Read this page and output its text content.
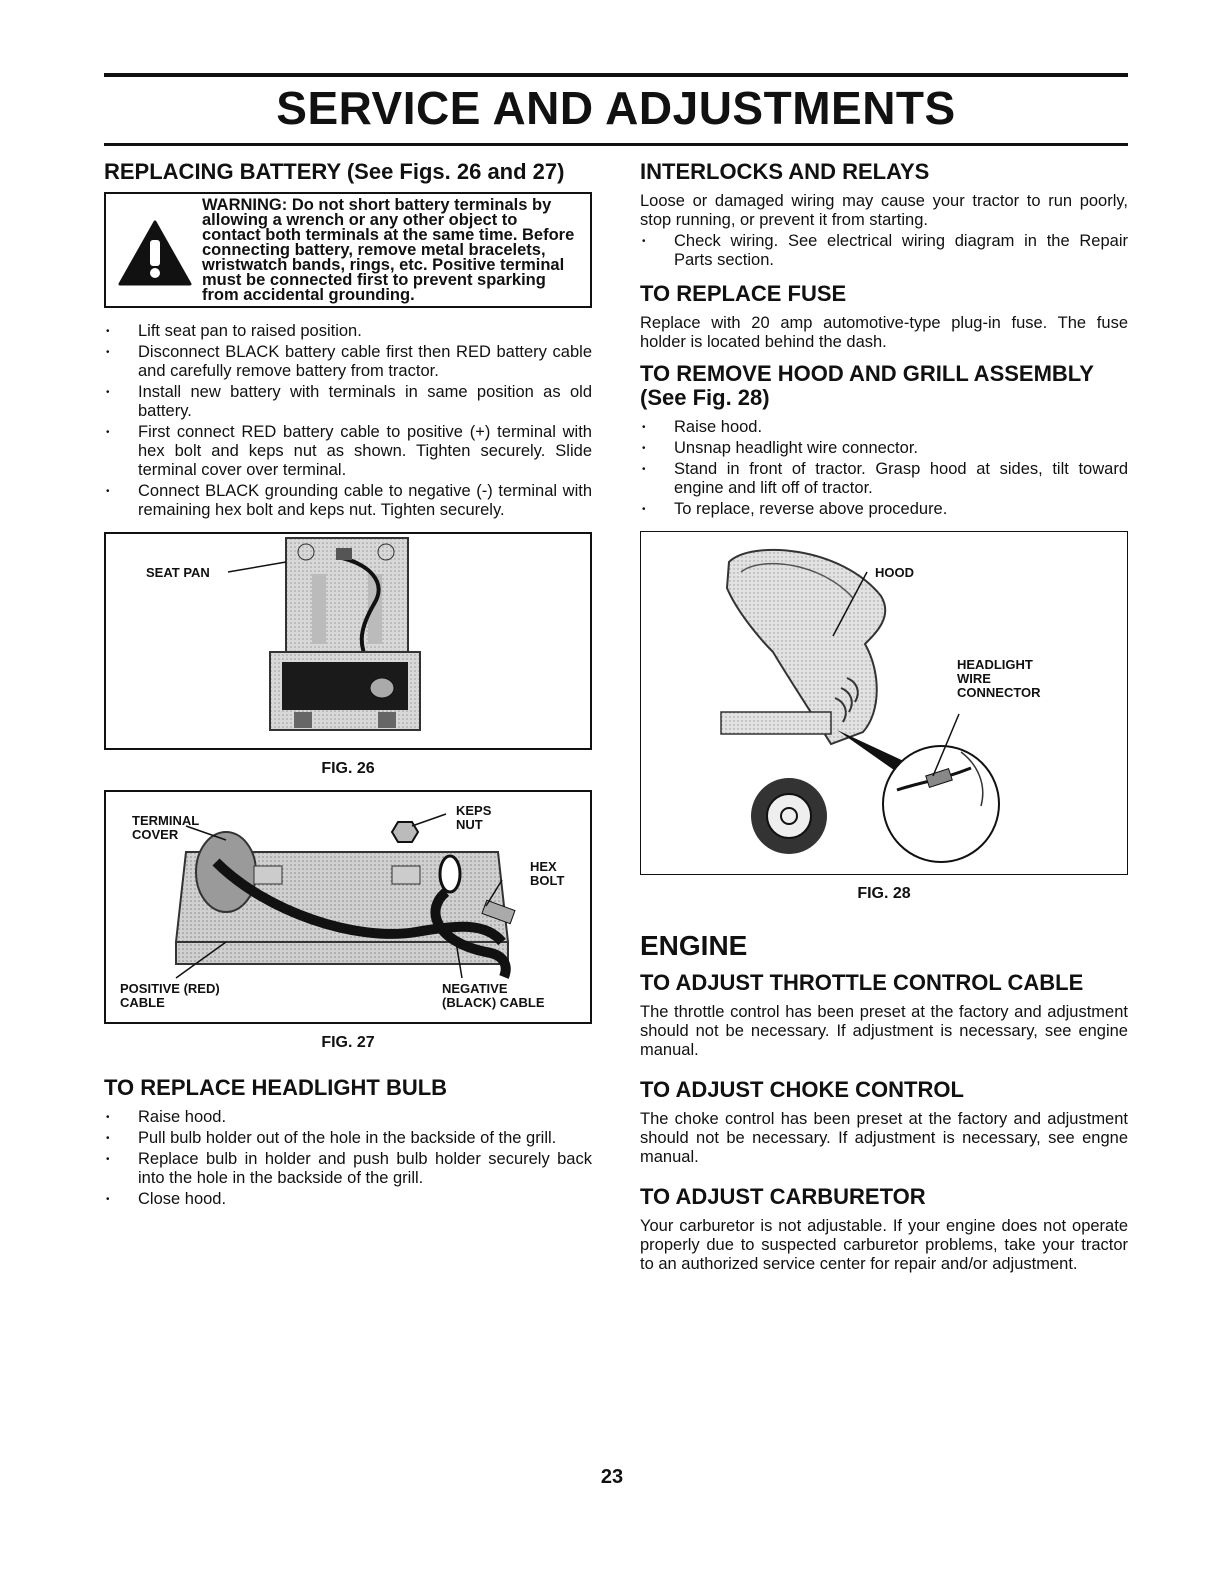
SERVICE AND ADJUSTMENTS
REPLACING BATTERY (See Figs. 26 and 27)
WARNING: Do not short battery terminals by allowing a wrench or any other object to contact both terminals at the same time. Before connecting battery, remove metal bracelets, wristwatch bands, rings, etc. Positive terminal must be connected first to prevent sparking from accidental grounding.
• Lift seat pan to raised position.
• Disconnect BLACK battery cable first then RED battery cable and carefully remove battery from tractor.
• Install new battery with terminals in same position as old battery.
• First connect RED battery cable to positive (+) terminal with hex bolt and keps nut as shown. Tighten securely. Slide terminal cover over terminal.
• Connect BLACK grounding cable to negative (-) terminal with remaining hex bolt and keps nut. Tighten securely.
SEAT PAN
FIG. 26
TERMINAL
COVER
KEPS
NUT
HEX
BOLT
POSITIVE (RED)
CABLE
NEGATIVE
(BLACK) CABLE
FIG. 27
TO REPLACE HEADLIGHT BULB
• Raise hood.
• Pull bulb holder out of the hole in the backside of the grill.
• Replace bulb in holder and push bulb holder securely back into the hole in the backside of the grill.
• Close hood.
INTERLOCKS AND RELAYS

Loose or damaged wiring may cause your tractor to run poorly, stop running, or prevent it from starting.

• Check wiring. See electrical wiring diagram in the Repair Parts section.
TO REPLACE FUSE

Replace with 20 amp automotive-type plug-in fuse. The fuse holder is located behind the dash.

TO REMOVE HOOD AND GRILL ASSEMBLY (See Fig. 28)
• Raise hood.
• Unsnap headlight wire connector.
• Stand in front of tractor. Grasp hood at sides, tilt toward engine and lift off of tractor.
• To replace, reverse above procedure.
HOOD
HEADLIGHT
WIRE
CONNECTOR
FIG. 28
ENGINE
TO ADJUST THROTTLE CONTROL CABLE

The throttle control has been preset at the factory and adjustment should not be necessary. If adjustment is necessary, see engine manual.

TO ADJUST CHOKE CONTROL

The choke control has been preset at the factory and adjustment should not be necessary. If adjustment is necessary, see engne manual.

TO ADJUST CARBURETOR

Your carburetor is not adjustable. If your engine does not operate properly due to suspected carburetor problems, take your tractor to an authorized service center for repair and/or adjustment.

23
